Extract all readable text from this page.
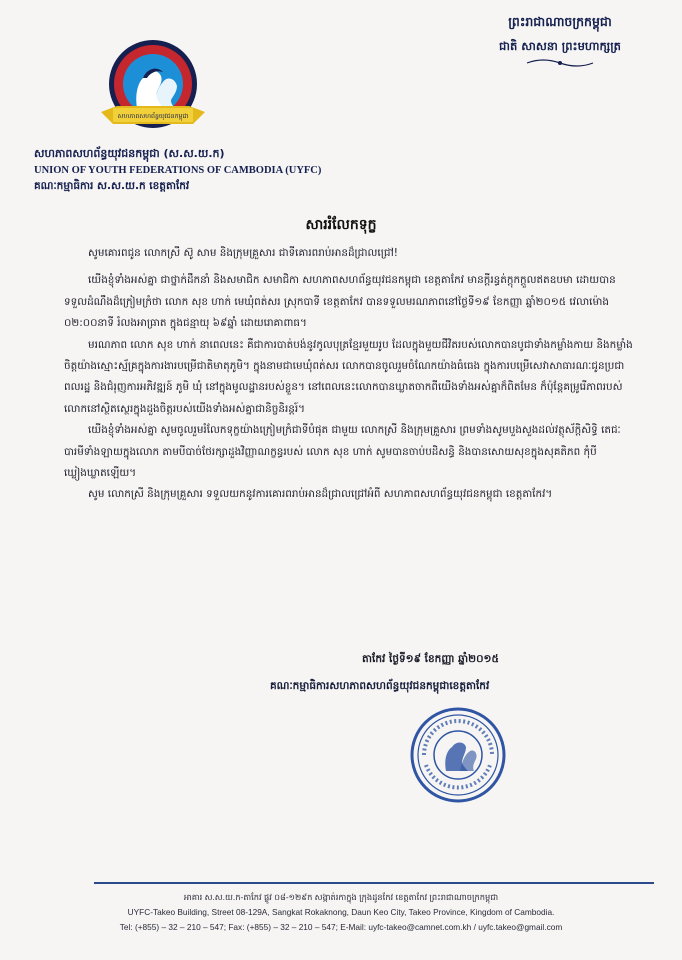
សហភាពសហព័ន្ធយុវជនកម្ពុជា
សហភាពសហព័ន្ធយុវជនកម្ពុជា (ស.ស.យ.ក)
UNION OF YOUTH FEDERATIONS OF CAMBODIA (UYFC)
គណៈកម្មាធិការ ស.ស.យ.ក ខេត្តតាកែវ
ព្រះរាជាណាចក្រកម្ពុជា
ជាតិ សាសនា ព្រះមហាក្សត្រ
សាររំលែកទុក្ខ

សូមគោរពជូន លោកស្រី ស៊ូ សាម និងក្រុមគ្រួសារ ជាទីគោរពរាប់អានដ៏ជ្រាលជ្រៅ!

យើងខ្ញុំទាំងអស់គ្នា ជាថ្នាក់ដឹកនាំ និងសមាជិក សមាជិកា សហភាពសហព័ន្ធយុវជនកម្ពុជា ខេត្តតាកែវ មានក្តីរន្ធត់ក្តុកក្តួលឥតឧបមា ដោយបានទទួលដំណឹងដ៏ក្រៀមក្រំថា លោក សុខ ហាក់ មេឃុំពត់សរ ស្រុកបាទី ខេត្តតាកែវ បានទទួលមរណភាពនៅថ្ងៃទី១៩ ខែកញ្ញា ឆ្នាំ២០១៥ វេលាម៉ោង ០២:០០នាទី រំលងអាធ្រាត ក្នុងជន្មាយុ ៦៩ឆ្នាំ ដោយរោគាពាធ។

មរណភាព លោក សុខ ហាក់ នាពេលនេះ គឺជាការបាត់បង់នូវកូលបុត្រខ្មែរមួយរូប ដែលក្នុងមួយជីវិតរបស់លោកបានបូជាទាំងកម្លាំងកាយ និងកម្លាំងចិត្តយ៉ាងស្មោះស្ម័គ្រក្នុងការងារបម្រើជាតិមាតុភូមិ។ ក្នុងនាមជាមេឃុំពត់សរ លោកបានចូលរួមចំណែកយ៉ាងធំធេង ក្នុងការបម្រើសេវាសាធារណៈជូនប្រជាពលរដ្ឋ និងជំរុញការអភិវឌ្ឍន៍ ភូមិ ឃុំ នៅក្នុងមូលដ្ឋានរបស់ខ្លួន។ នៅពេលនេះលោកបានឃ្លាតចាកពីយើងទាំងអស់គ្នាក៏ពិតមែន ក៏ប៉ុន្តែគម្រូរើភាពរបស់លោកនៅស្ថិតស្ថេរក្នុងដួងចិត្តរបស់យើងទាំងអស់គ្នាជានិច្ចនិរន្តរ៍។

យើងខ្ញុំទាំងអស់គ្នា សូមចូលរួមរំលែកទុក្ខយ៉ាងក្រៀមក្រំជាទីបំផុត ជាមួយ លោកស្រី និងក្រុមគ្រួសារ ព្រមទាំងសូមបួងសួងដល់វត្ថុស័ក្តិសិទ្ធិ តេជៈបារមីទាំងឡាយក្នុងលោក តាមបីបាច់ថែរក្សាដួងវិញ្ញាណក្ខន្ធរបស់ លោក សុខ ហាក់ សូមបានចាប់បដិសន្ធិ និងបានសោយសុខក្នុងសុគតិភព កុំបីឃ្លៀងឃ្លាតឡើយ។

សូម លោកស្រី និងក្រុមគ្រួសារ ទទួលយកនូវការគោរពរាប់អានដ៏ជ្រាលជ្រៅអំពី សហភាពសហព័ន្ធយុវជនកម្ពុជា ខេត្តតាកែវ។

តាកែវ ថ្ងៃទី១៩ ខែកញ្ញា ឆ្នាំ២០១៥
គណៈកម្មាធិការសហភាពសហព័ន្ធយុវជនកម្ពុជាខេត្តតាកែវ
អាគារ ស.ស.យ.ក-តាកែវ ផ្លូវ ០៨-១២៩ក សង្កាត់រកាក្នុង ក្រុងដូនកែវ ខេត្តតាកែវ ព្រះរាជាណាចក្រកម្ពុជា
UYFC-Takeo Building, Street 08-129A, Sangkat Rokaknong, Daun Keo City, Takeo Province, Kingdom of Cambodia.
Tel: (+855) – 32 – 210 – 547; Fax: (+855) – 32 – 210 – 547; E-Mail: uyfc-takeo@camnet.com.kh / uyfc.takeo@gmail.com
